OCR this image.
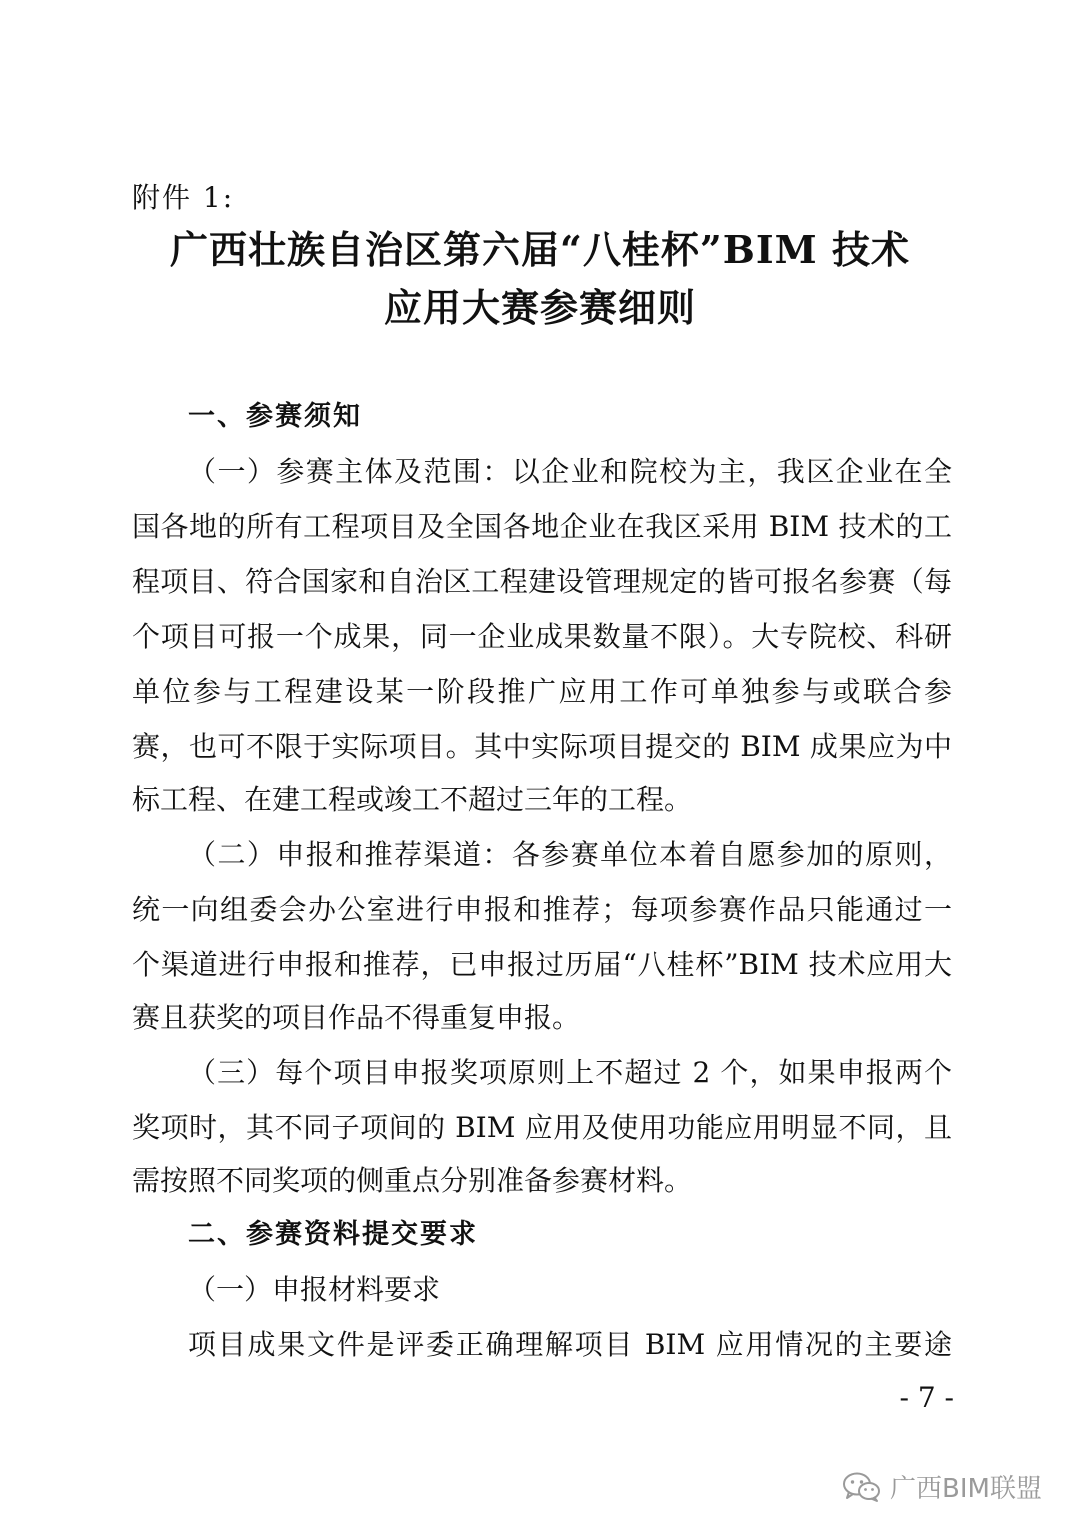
附件 1:
广西壮族自治区第六届“八桂杯”BIM 技术
应用大赛参赛细则
一、参赛须知
（一）参赛主体及范围：以企业和院校为主，我区企业在全
国各地的所有工程项目及全国各地企业在我区采用 BIM 技术的工
程项目、符合国家和自治区工程建设管理规定的皆可报名参赛（每
个项目可报一个成果，同一企业成果数量不限）。大专院校、科研
单位参与工程建设某一阶段推广应用工作可单独参与或联合参
赛，也可不限于实际项目。其中实际项目提交的 BIM 成果应为中
标工程、在建工程或竣工不超过三年的工程。
（二）申报和推荐渠道：各参赛单位本着自愿参加的原则，
统一向组委会办公室进行申报和推荐；每项参赛作品只能通过一
个渠道进行申报和推荐，已申报过历届“八桂杯”BIM 技术应用大
赛且获奖的项目作品不得重复申报。
（三）每个项目申报奖项原则上不超过 2 个，如果申报两个
奖项时，其不同子项间的 BIM 应用及使用功能应用明显不同，且
需按照不同奖项的侧重点分别准备参赛材料。
二、参赛资料提交要求
（一）申报材料要求
项目成果文件是评委正确理解项目 BIM 应用情况的主要途
- 7 -
广西BIM联盟
